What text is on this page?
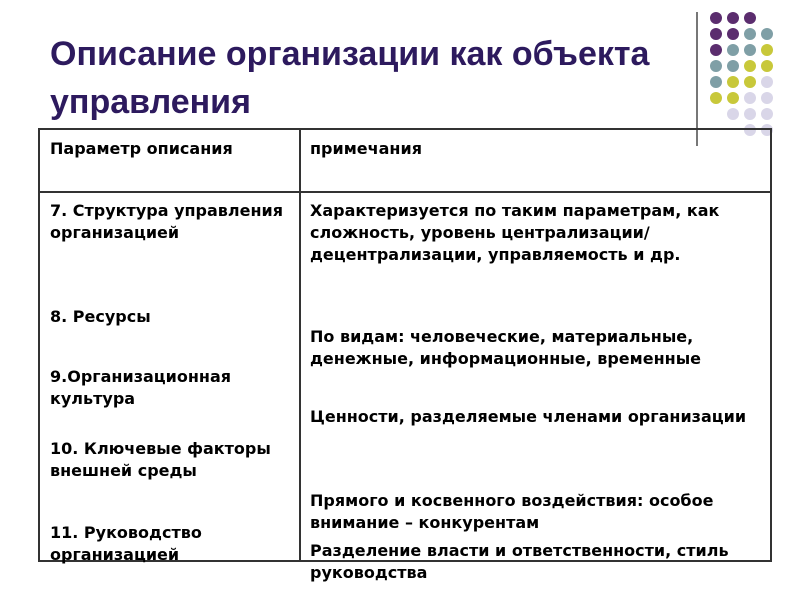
Описание организации как объекта управления
Параметр описания	примечания
7. Структура управления организацией
Характеризуется по таким параметрам, как сложность, уровень централизации/ децентрализации, управляемость и др.
8. Ресурсы
По видам: человеческие, материальные, денежные, информационные, временные
9.Организационная культура
Ценности, разделяемые членами организации
10. Ключевые факторы внешней среды
Прямого и косвенного воздействия: особое внимание – конкурентам
11. Руководство организацией	Разделение власти и ответственности, стиль руководства
